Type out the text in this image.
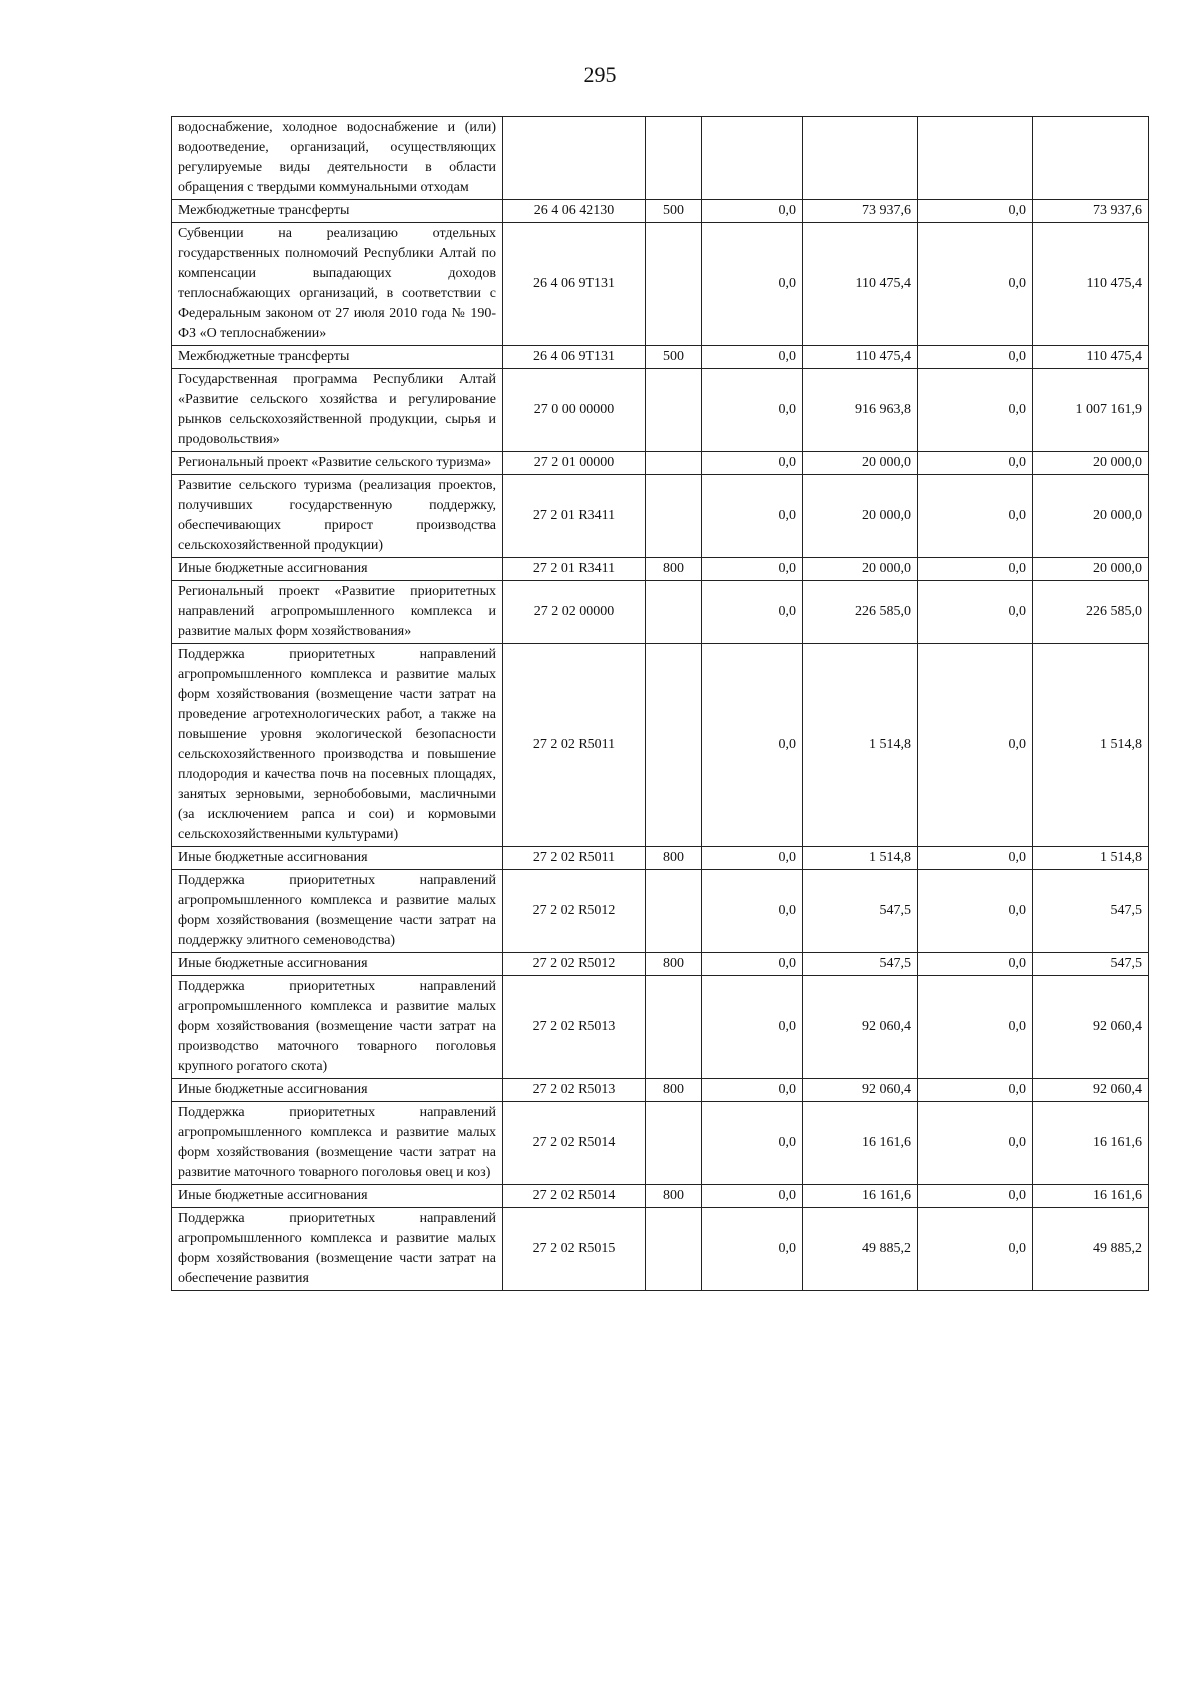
295
водоснабжение, холодное водоснабжение и (или) водоотведение, организаций, осуществляющих регулируемые виды деятельности в области обращения с твердыми коммунальными отходам						
Межбюджетные трансферты	26 4 06 42130	500	0,0	73 937,6	0,0	73 937,6
Субвенции на реализацию отдельных государственных полномочий Республики Алтай по компенсации выпадающих доходов теплоснабжающих организаций, в соответствии с Федеральным законом от 27 июля 2010 года № 190-ФЗ «О теплоснабжении»	26 4 06 9Т131		0,0	110 475,4	0,0	110 475,4
Межбюджетные трансферты	26 4 06 9Т131	500	0,0	110 475,4	0,0	110 475,4
Государственная программа Республики Алтай «Развитие сельского хозяйства и регулирование рынков сельскохозяйственной продукции, сырья и продовольствия»	27 0 00 00000		0,0	916 963,8	0,0	1 007 161,9
Региональный проект «Развитие сельского туризма»	27 2 01 00000		0,0	20 000,0	0,0	20 000,0
Развитие сельского туризма (реализация проектов, получивших государственную поддержку, обеспечивающих прирост производства сельскохозяйственной продукции)	27 2 01 R3411		0,0	20 000,0	0,0	20 000,0
Иные бюджетные ассигнования	27 2 01 R3411	800	0,0	20 000,0	0,0	20 000,0
Региональный проект «Развитие приоритетных направлений агропромышленного комплекса и развитие малых форм хозяйствования»	27 2 02 00000		0,0	226 585,0	0,0	226 585,0
Поддержка приоритетных направлений агропромышленного комплекса и развитие малых форм хозяйствования (возмещение части затрат на проведение агротехнологических работ, а также на повышение уровня экологической безопасности сельскохозяйственного производства и повышение плодородия и качества почв на посевных площадях, занятых зерновыми, зернобобовыми, масличными (за исключением рапса и сои) и кормовыми сельскохозяйственными культурами)	27 2 02 R5011		0,0	1 514,8	0,0	1 514,8
Иные бюджетные ассигнования	27 2 02 R5011	800	0,0	1 514,8	0,0	1 514,8
Поддержка приоритетных направлений агропромышленного комплекса и развитие малых форм хозяйствования (возмещение части затрат на поддержку элитного семеноводства)	27 2 02 R5012		0,0	547,5	0,0	547,5
Иные бюджетные ассигнования	27 2 02 R5012	800	0,0	547,5	0,0	547,5
Поддержка приоритетных направлений агропромышленного комплекса и развитие малых форм хозяйствования (возмещение части затрат на производство маточного товарного поголовья крупного рогатого скота)	27 2 02 R5013		0,0	92 060,4	0,0	92 060,4
Иные бюджетные ассигнования	27 2 02 R5013	800	0,0	92 060,4	0,0	92 060,4
Поддержка приоритетных направлений агропромышленного комплекса и развитие малых форм хозяйствования (возмещение части затрат на развитие маточного товарного поголовья овец и коз)	27 2 02 R5014		0,0	16 161,6	0,0	16 161,6
Иные бюджетные ассигнования	27 2 02 R5014	800	0,0	16 161,6	0,0	16 161,6
Поддержка приоритетных направлений агропромышленного комплекса и развитие малых форм хозяйствования (возмещение части затрат на обеспечение развития	27 2 02 R5015		0,0	49 885,2	0,0	49 885,2
